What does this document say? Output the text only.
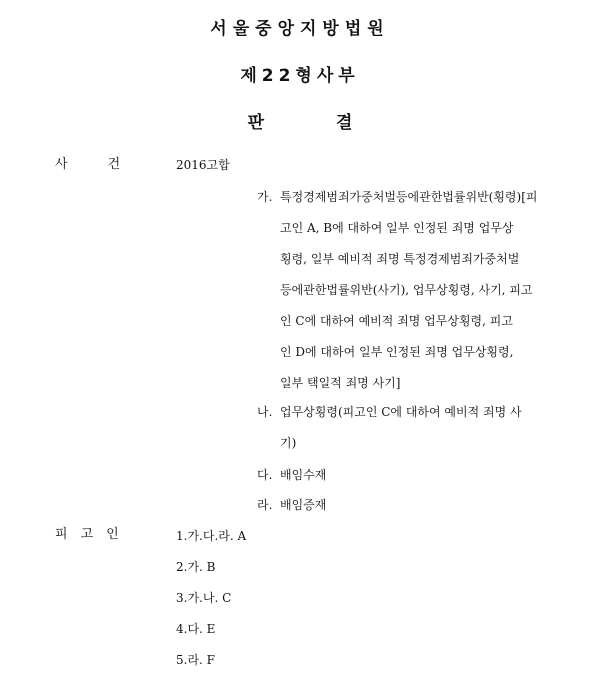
서울중앙지방법원
제22형사부
판	결
사	건	2016고합
가. 특정경제범죄가중처벌등에관한법률위반(횡령)[피
고인 A, B에 대하여 일부 인정된 죄명 업무상
횡령, 일부 예비적 죄명 특정경제범죄가중처벌
등에관한법률위반(사기), 업무상횡령, 사기, 피고
인 C에 대하여 예비적 죄명 업무상횡령, 피고
인 D에 대하여 일부 인정된 죄명 업무상횡령,
일부 택일적 죄명 사기]
나. 업무상횡령(피고인 C에 대하여 예비적 죄명 사
기)
다. 배임수재
라. 배임증재
피 고 인	1.가.다.라. A
2.가. B
3.가.나. C
4.다. E
5.라. F
